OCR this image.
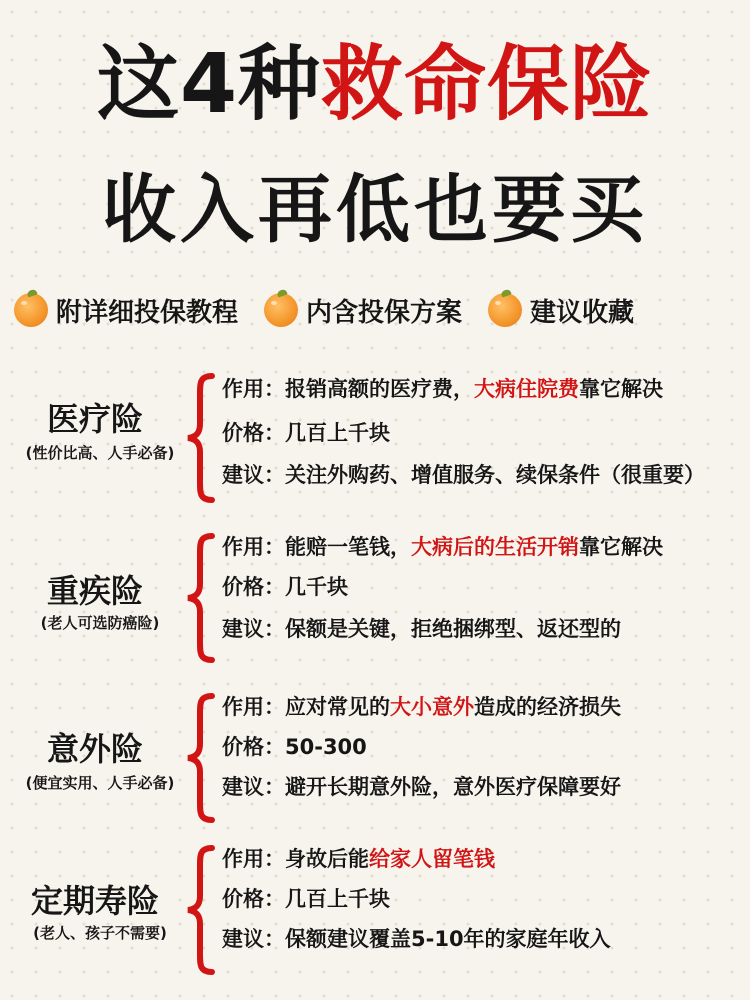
这4种救命保险
收入再低也要买
附详细投保教程	内含投保方案	建议收藏
医疗险
(性价比高、人手必备)
作用：报销高额的医疗费，大病住院费靠它解决
价格：几百上千块
建议：关注外购药、增值服务、续保条件（很重要）
重疾险
(老人可选防癌险)
作用：能赔一笔钱，大病后的生活开销靠它解决
价格：几千块
建议：保额是关键，拒绝捆绑型、返还型的
意外险
(便宜实用、人手必备)
作用：应对常见的大小意外造成的经济损失
价格：50-300
建议：避开长期意外险，意外医疗保障要好
定期寿险
(老人、孩子不需要)
作用：身故后能给家人留笔钱
价格：几百上千块
建议：保额建议覆盖5-10年的家庭年收入
